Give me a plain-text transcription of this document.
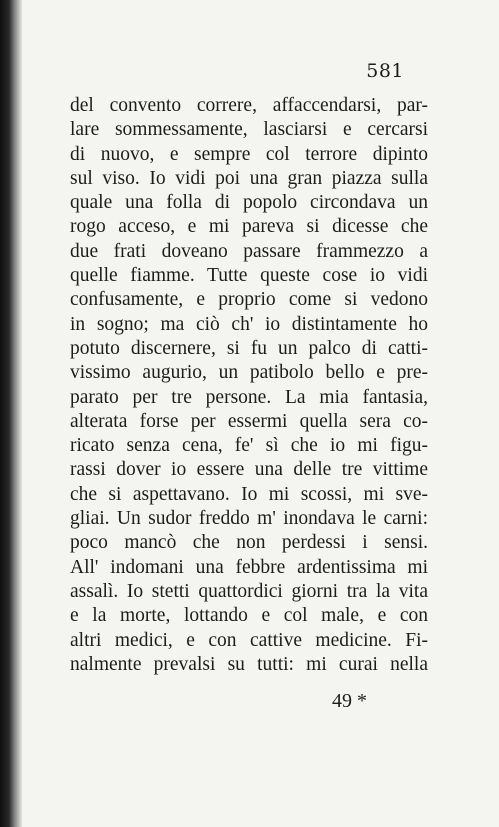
581
del convento correre, affaccendarsi, par-
lare sommessamente, lasciarsi e cercarsi
di nuovo, e sempre col terrore dipinto
sul viso. Io vidi poi una gran piazza sulla
quale una folla di popolo circondava un
rogo acceso, e mi pareva si dicesse che
due frati doveano passare frammezzo a
quelle fiamme. Tutte queste cose io vidi
confusamente, e proprio come si vedono
in sogno; ma ciò ch' io distintamente ho
potuto discernere, si fu un palco di catti-
vissimo augurio, un patibolo bello e pre-
parato per tre persone. La mia fantasia,
alterata forse per essermi quella sera co-
ricato senza cena, fe' sì che io mi figu-
rassi dover io essere una delle tre vittime
che si aspettavano. Io mi scossi, mi sve-
gliai. Un sudor freddo m' inondava le carni:
poco mancò che non perdessi i sensi.
All' indomani una febbre ardentissima mi
assalì. Io stetti quattordici giorni tra la vita
e la morte, lottando e col male, e con
altri medici, e con cattive medicine. Fi-
nalmente prevalsi su tutti: mi curai nella
49 *
